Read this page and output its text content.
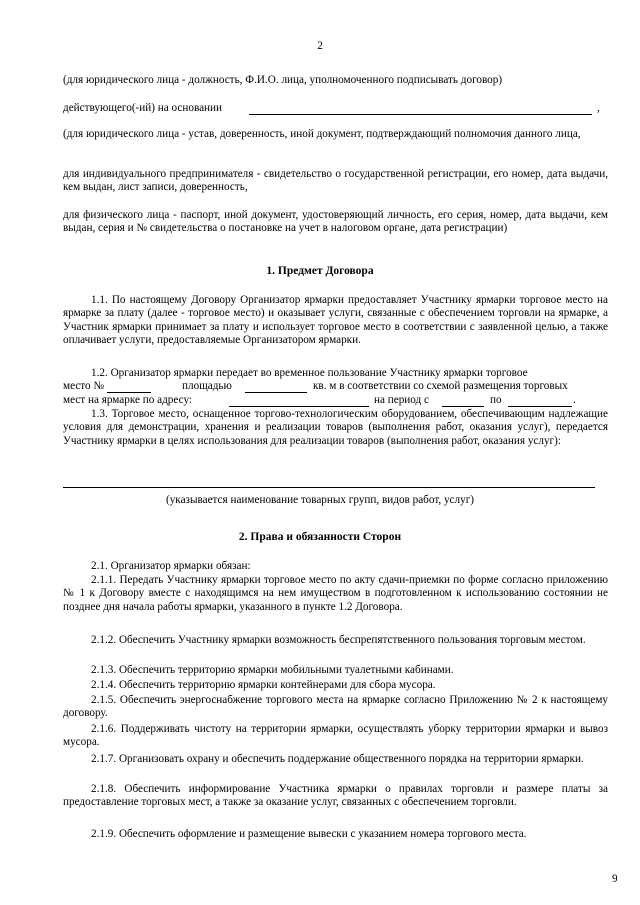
2
(для юридического лица - должность, Ф.И.О. лица, уполномоченного подписывать договор)
действующего(-ий) на основании	,
(для юридического лица - устав, доверенность, иной документ, подтверждающий полномочия данного лица,
для индивидуального предпринимателя - свидетельство о государственной регистрации, его номер, дата выдачи, кем выдан, лист записи, доверенность,
для физического лица - паспорт, иной документ, удостоверяющий личность, его серия, номер, дата выдачи, кем выдан, серия и № свидетельства о постановке на учет в налоговом органе, дата регистрации)
1. Предмет Договора
1.1. По настоящему Договору Организатор ярмарки предоставляет Участнику ярмарки торговое место на ярмарке за плату (далее - торговое место) и оказывает услуги, связанные с обеспечением торговли на ярмарке, а Участник ярмарки принимает за плату и использует торговое место в соответствии с заявленной целью, а также оплачивает услуги, предоставляемые Организатором ярмарки.
1.2. Организатор ярмарки передает во временное пользование Участнику ярмарки торговое
место №	площадью	кв. м в соответствии со схемой размещения торговых
мест на ярмарке по адресу:	на период с	по	.
1.3. Торговое место, оснащенное торгово-технологическим оборудованием, обеспечивающим надлежащие условия для демонстрации, хранения и реализации товаров (выполнения работ, оказания услуг), передается Участнику ярмарки в целях использования для реализации товаров (выполнения работ, оказания услуг):
(указывается наименование товарных групп, видов работ, услуг)
2. Права и обязанности Сторон
2.1. Организатор ярмарки обязан:
2.1.1. Передать Участнику ярмарки торговое место по акту сдачи-приемки по форме согласно приложению № 1 к Договору вместе с находящимся на нем имуществом в подготовленном к использованию состоянии не позднее дня начала работы ярмарки, указанного в пункте 1.2 Договора.
2.1.2. Обеспечить Участнику ярмарки возможность беспрепятственного пользования торговым местом.
2.1.3. Обеспечить территорию ярмарки мобильными туалетными кабинами.
2.1.4. Обеспечить территорию ярмарки контейнерами для сбора мусора.
2.1.5. Обеспечить энергоснабжение торгового места на ярмарке согласно Приложению № 2 к настоящему договору.
2.1.6. Поддерживать чистоту на территории ярмарки, осуществлять уборку территории ярмарки и вывоз мусора.
2.1.7. Организовать охрану и обеспечить поддержание общественного порядка на территории ярмарки.
2.1.8. Обеспечить информирование Участника ярмарки о правилах торговли и размере платы за предоставление торговых мест, а также за оказание услуг, связанных с обеспечением торговли.
2.1.9. Обеспечить оформление и размещение вывески с указанием номера торгового места.
9
